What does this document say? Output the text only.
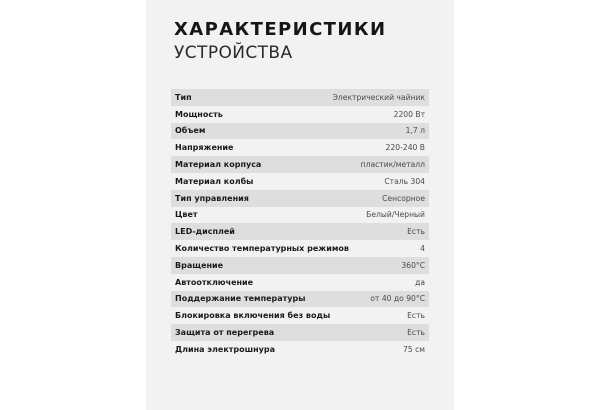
ХАРАКТЕРИСТИКИ
УСТРОЙСТВА
Тип	Электрический чайник
Мощность	2200 Вт
Объем	1,7 л
Напряжение	220-240 В
Материал корпуса	пластик/металл
Материал колбы	Сталь 304
Тип управления	Сенсорное
Цвет	Белый/Черный
LED-дисплей	Есть
Количество температурных режимов	4
Вращение	360°С
Автоотключение	да
Поддержание температуры	от 40 до 90°С
Блокировка включения без воды	Есть
Защита от перегрева	Есть
Длина электрошнура	75 см
